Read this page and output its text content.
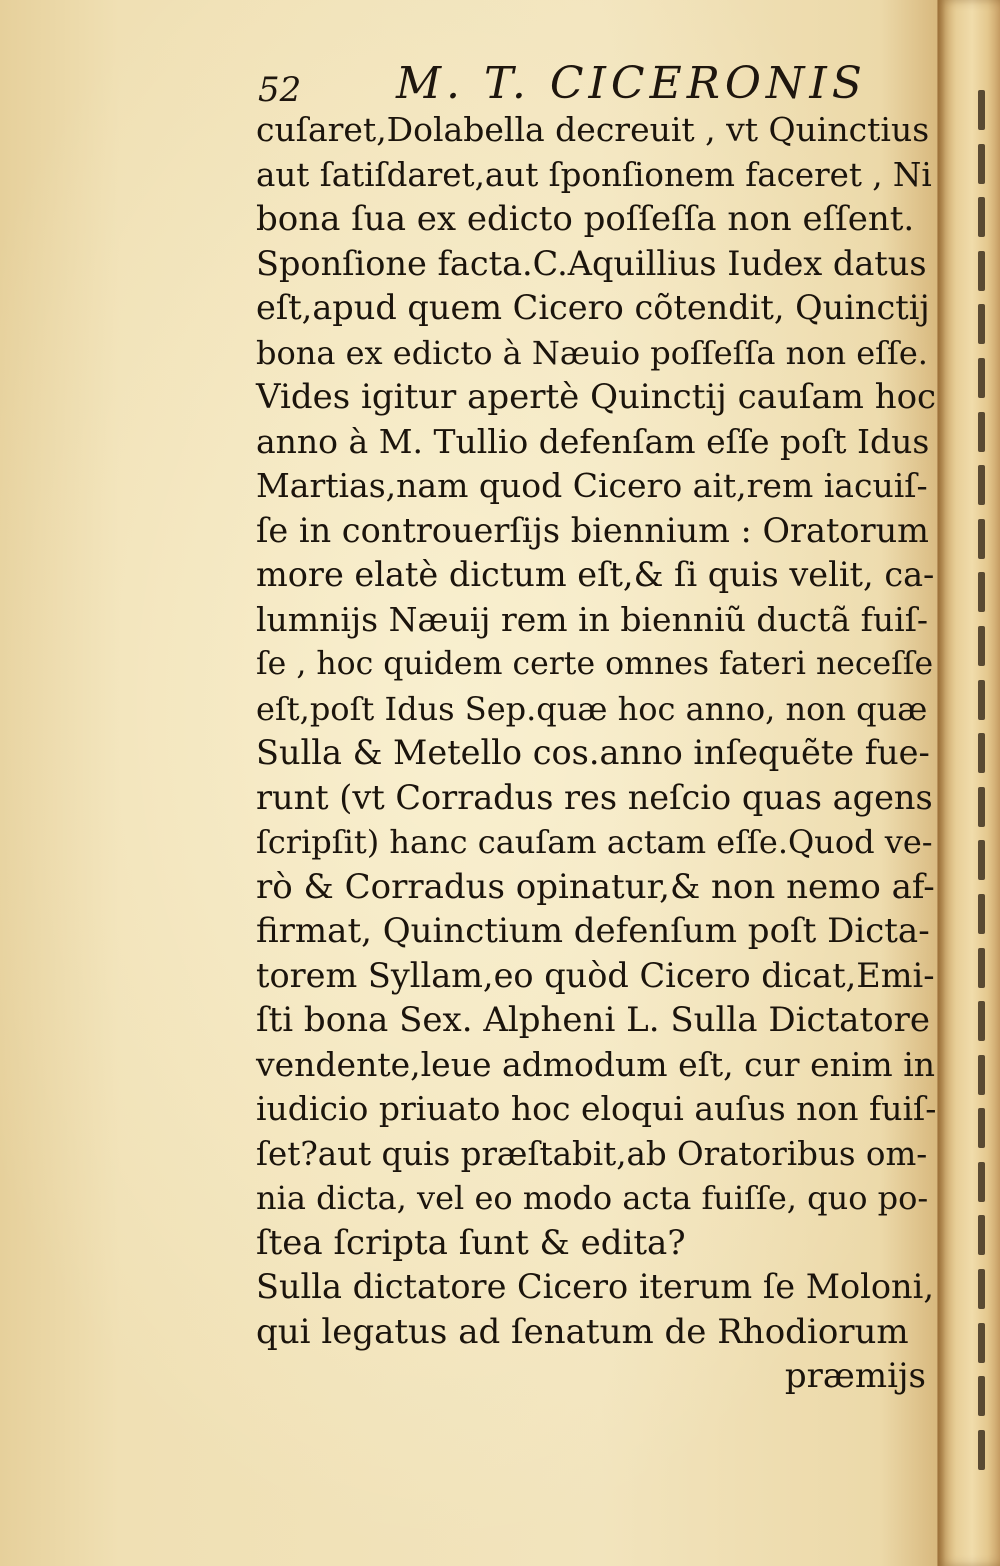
52 M. T. CICERONIS
cuſaret,Dolabella decreuit , vt Quinctius
aut ſatiſdaret,aut ſponſionem faceret , Ni
bona ſua ex edicto poſſeſſa non eſſent.
Sponſione facta.C.Aquillius Iudex datus
eſt,apud quem Cicero cõtendit, Quinctij
bona ex edicto à Næuio poſſeſſa non eſſe.
Vides igitur apertè Quinctij cauſam hoc
anno à M. Tullio defenſam eſſe poſt Idus
Martias,nam quod Cicero ait,rem iacuiſ-
ſe in controuerſijs biennium : Oratorum
more elatè dictum eſt,& ſi quis velit, ca-
lumnijs Næuij rem in bienniũ ductã fuiſ-
ſe , hoc quidem certe omnes fateri neceſſe
eſt,poſt Idus Sep.quæ hoc anno, non quæ
Sulla & Metello cos.anno inſequẽte fue-
runt (vt Corradus res neſcio quas agens
ſcripſit) hanc cauſam actam eſſe.Quod ve-
rò & Corradus opinatur,& non nemo af-
firmat, Quinctium defenſum poſt Dicta-
torem Syllam,eo quòd Cicero dicat,Emi-
ſti bona Sex. Alpheni L. Sulla Dictatore
vendente,leue admodum eſt, cur enim in
iudicio priuato hoc eloqui auſus non fuiſ-
ſet?aut quis præſtabit,ab Oratoribus om-
nia dicta, vel eo modo acta fuiſſe, quo po-
ſtea ſcripta ſunt & edita?
Sulla dictatore Cicero iterum ſe Moloni,
qui legatus ad ſenatum de Rhodiorum
præmijs
